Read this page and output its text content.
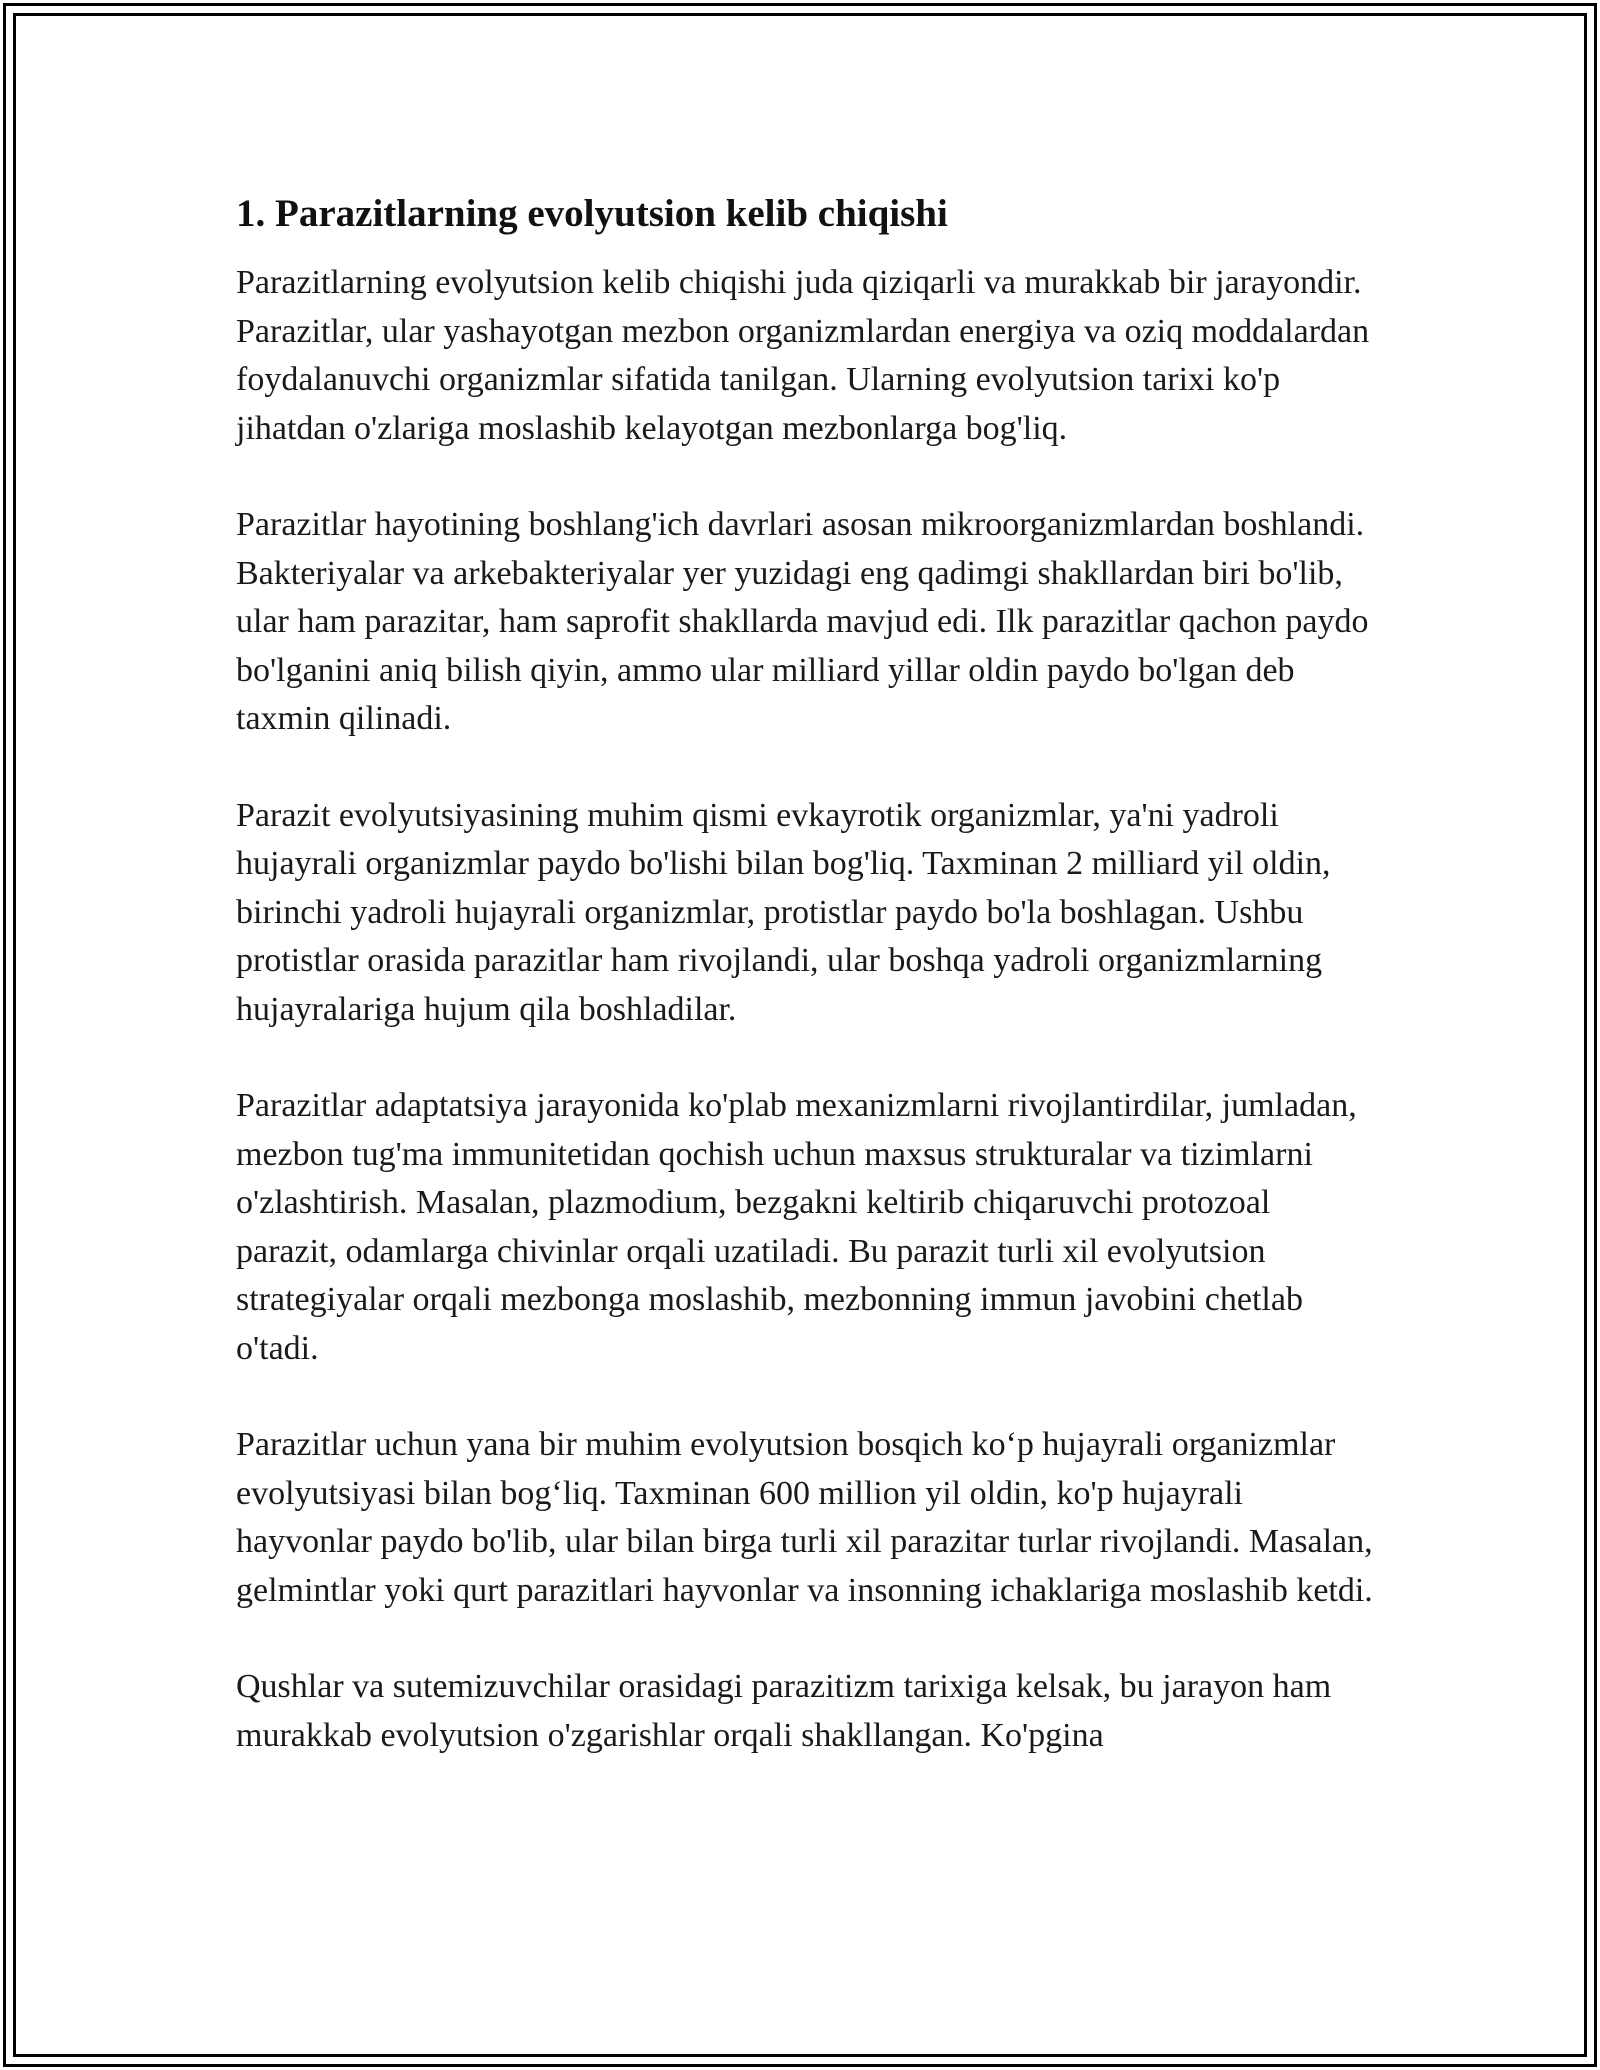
1. Parazitlarning evolyutsion kelib chiqishi

Parazitlarning evolyutsion kelib chiqishi juda qiziqarli va murakkab bir jarayondir. Parazitlar, ular yashayotgan mezbon organizmlardan energiya va oziq moddalardan foydalanuvchi organizmlar sifatida tanilgan. Ularning evolyutsion tarixi ko'p jihatdan o'zlariga moslashib kelayotgan mezbonlarga bog'liq.

Parazitlar hayotining boshlang'ich davrlari asosan mikroorganizmlardan boshlandi. Bakteriyalar va arkebakteriyalar yer yuzidagi eng qadimgi shakllardan biri bo'lib, ular ham parazitar, ham saprofit shakllarda mavjud edi. Ilk parazitlar qachon paydo bo'lganini aniq bilish qiyin, ammo ular milliard yillar oldin paydo bo'lgan deb taxmin qilinadi.

Parazit evolyutsiyasining muhim qismi evkayrotik organizmlar, ya'ni yadroli hujayrali organizmlar paydo bo'lishi bilan bog'liq. Taxminan 2 milliard yil oldin, birinchi yadroli hujayrali organizmlar, protistlar paydo bo'la boshlagan. Ushbu protistlar orasida parazitlar ham rivojlandi, ular boshqa yadroli organizmlarning hujayralariga hujum qila boshladilar.

Parazitlar adaptatsiya jarayonida ko'plab mexanizmlarni rivojlantirdilar, jumladan, mezbon tug'ma immunitetidan qochish uchun maxsus strukturalar va tizimlarni o'zlashtirish. Masalan, plazmodium, bezgakni keltirib chiqaruvchi protozoal parazit, odamlarga chivinlar orqali uzatiladi. Bu parazit turli xil evolyutsion strategiyalar orqali mezbonga moslashib, mezbonning immun javobini chetlab o'tadi.

Parazitlar uchun yana bir muhim evolyutsion bosqich koʻp hujayrali organizmlar evolyutsiyasi bilan bogʻliq. Taxminan 600 million yil oldin, ko'p hujayrali hayvonlar paydo bo'lib, ular bilan birga turli xil parazitar turlar rivojlandi. Masalan, gelmintlar yoki qurt parazitlari hayvonlar va insonning ichaklariga moslashib ketdi.

Qushlar va sutemizuvchilar orasidagi parazitizm tarixiga kelsak, bu jarayon ham murakkab evolyutsion o'zgarishlar orqali shakllangan. Ko'pgina
